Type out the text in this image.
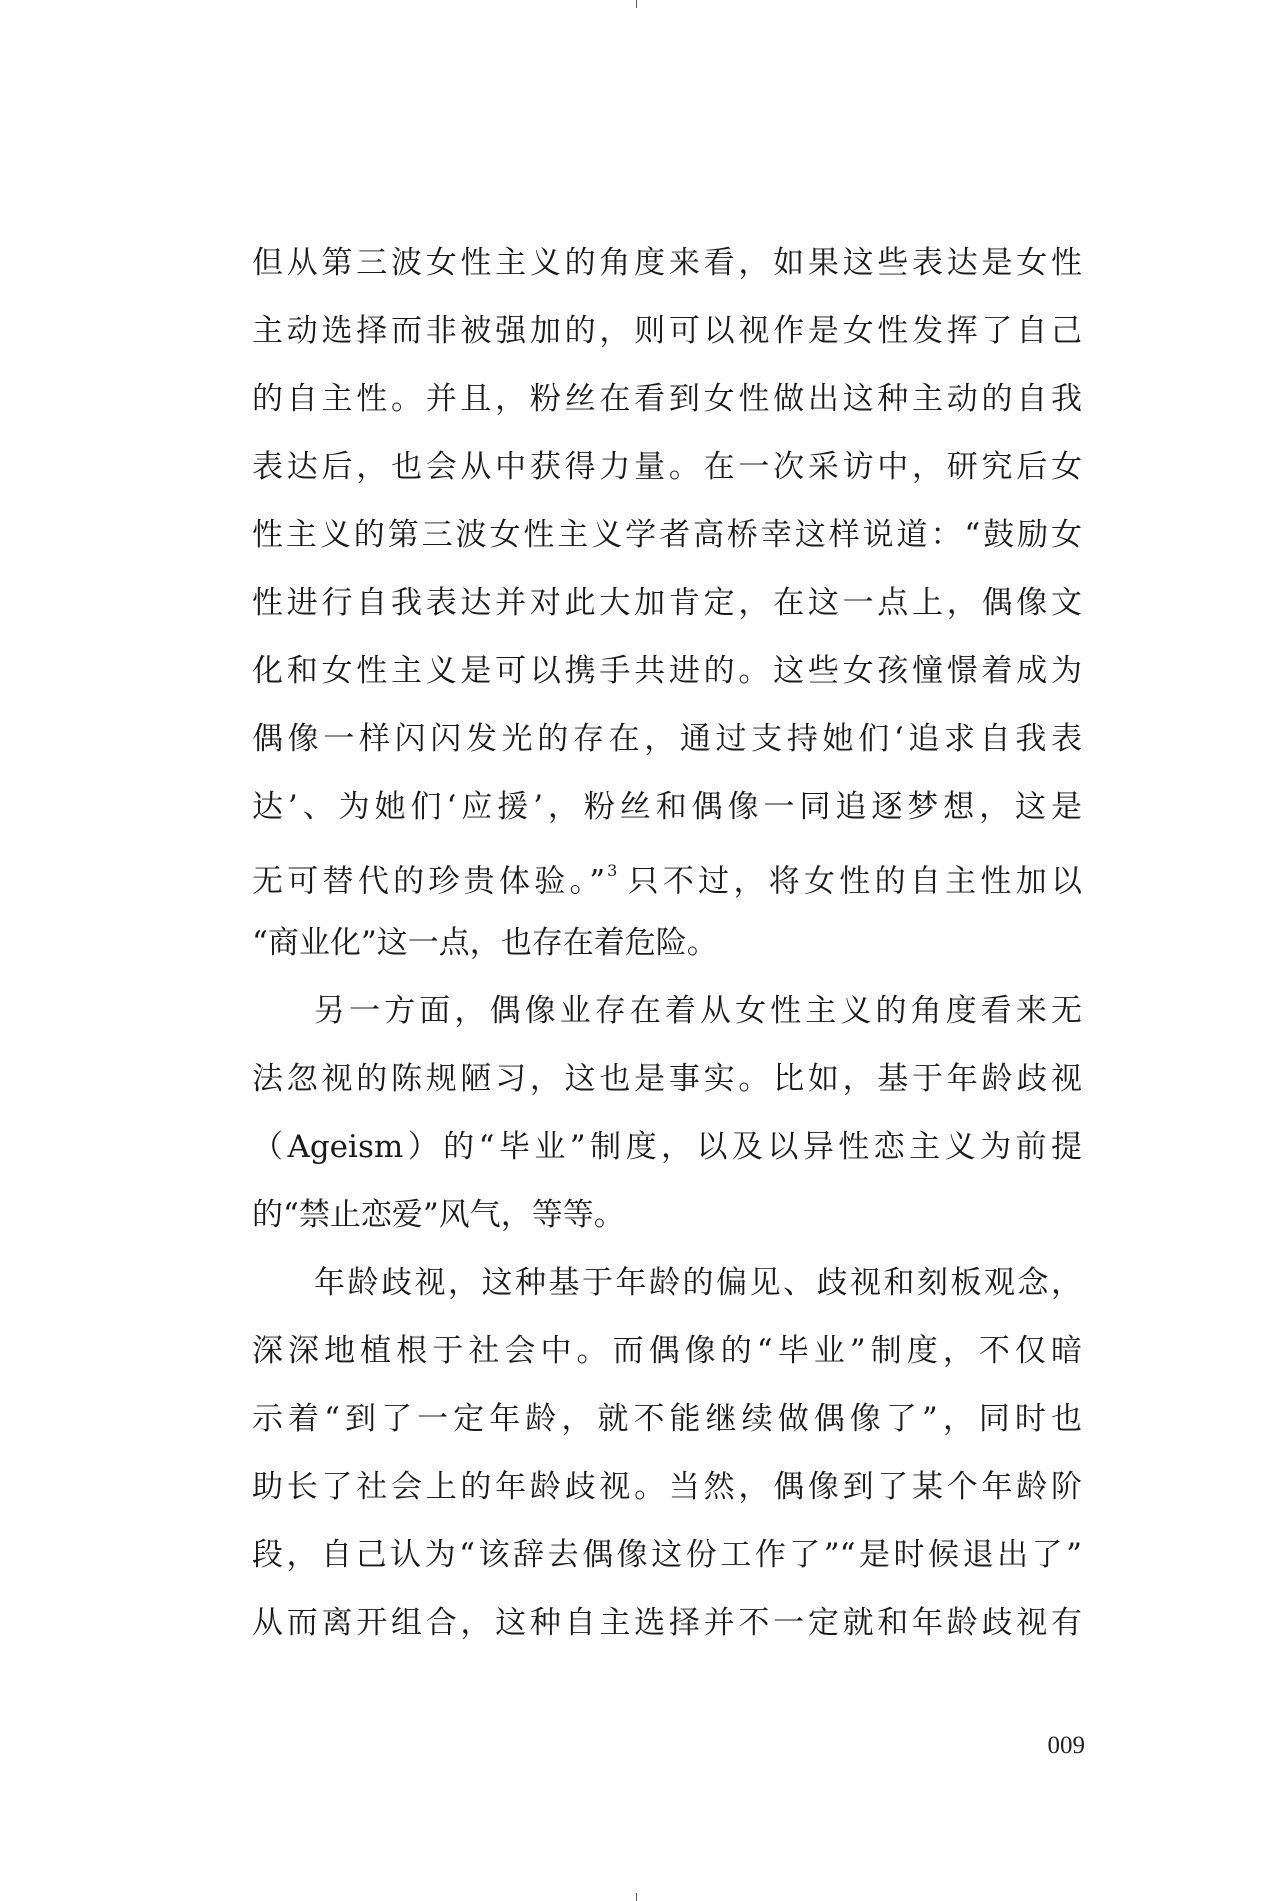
但从第三波女性主义的角度来看，如果这些表达是女性
主动选择而非被强加的，则可以视作是女性发挥了自己
的自主性。并且，粉丝在看到女性做出这种主动的自我
表达后，也会从中获得力量。在一次采访中，研究后女
性主义的第三波女性主义学者高桥幸这样说道：“鼓励女
性进行自我表达并对此大加肯定，在这一点上，偶像文
化和女性主义是可以携手共进的。这些女孩憧憬着成为
偶像一样闪闪发光的存在，通过支持她们‘追求自我表
达’、为她们‘应援’，粉丝和偶像一同追逐梦想，这是
无可替代的珍贵体验。” $^3$ 只不过，将女性的自主性加以
“商业化”这一点，也存在着危险。
另一方面，偶像业存在着从女性主义的角度看来无
法忽视的陈规陋习，这也是事实。比如，基于年龄歧视
（Ageism）的“毕业”制度，以及以异性恋主义为前提
的“禁止恋爱”风气，等等。
年龄歧视，这种基于年龄的偏见、歧视和刻板观念，
深深地植根于社会中。而偶像的“毕业”制度，不仅暗
示着“到了一定年龄，就不能继续做偶像了”，同时也
助长了社会上的年龄歧视。当然，偶像到了某个年龄阶
段，自己认为“该辞去偶像这份工作了”“是时候退出了”
从而离开组合，这种自主选择并不一定就和年龄歧视有
009
